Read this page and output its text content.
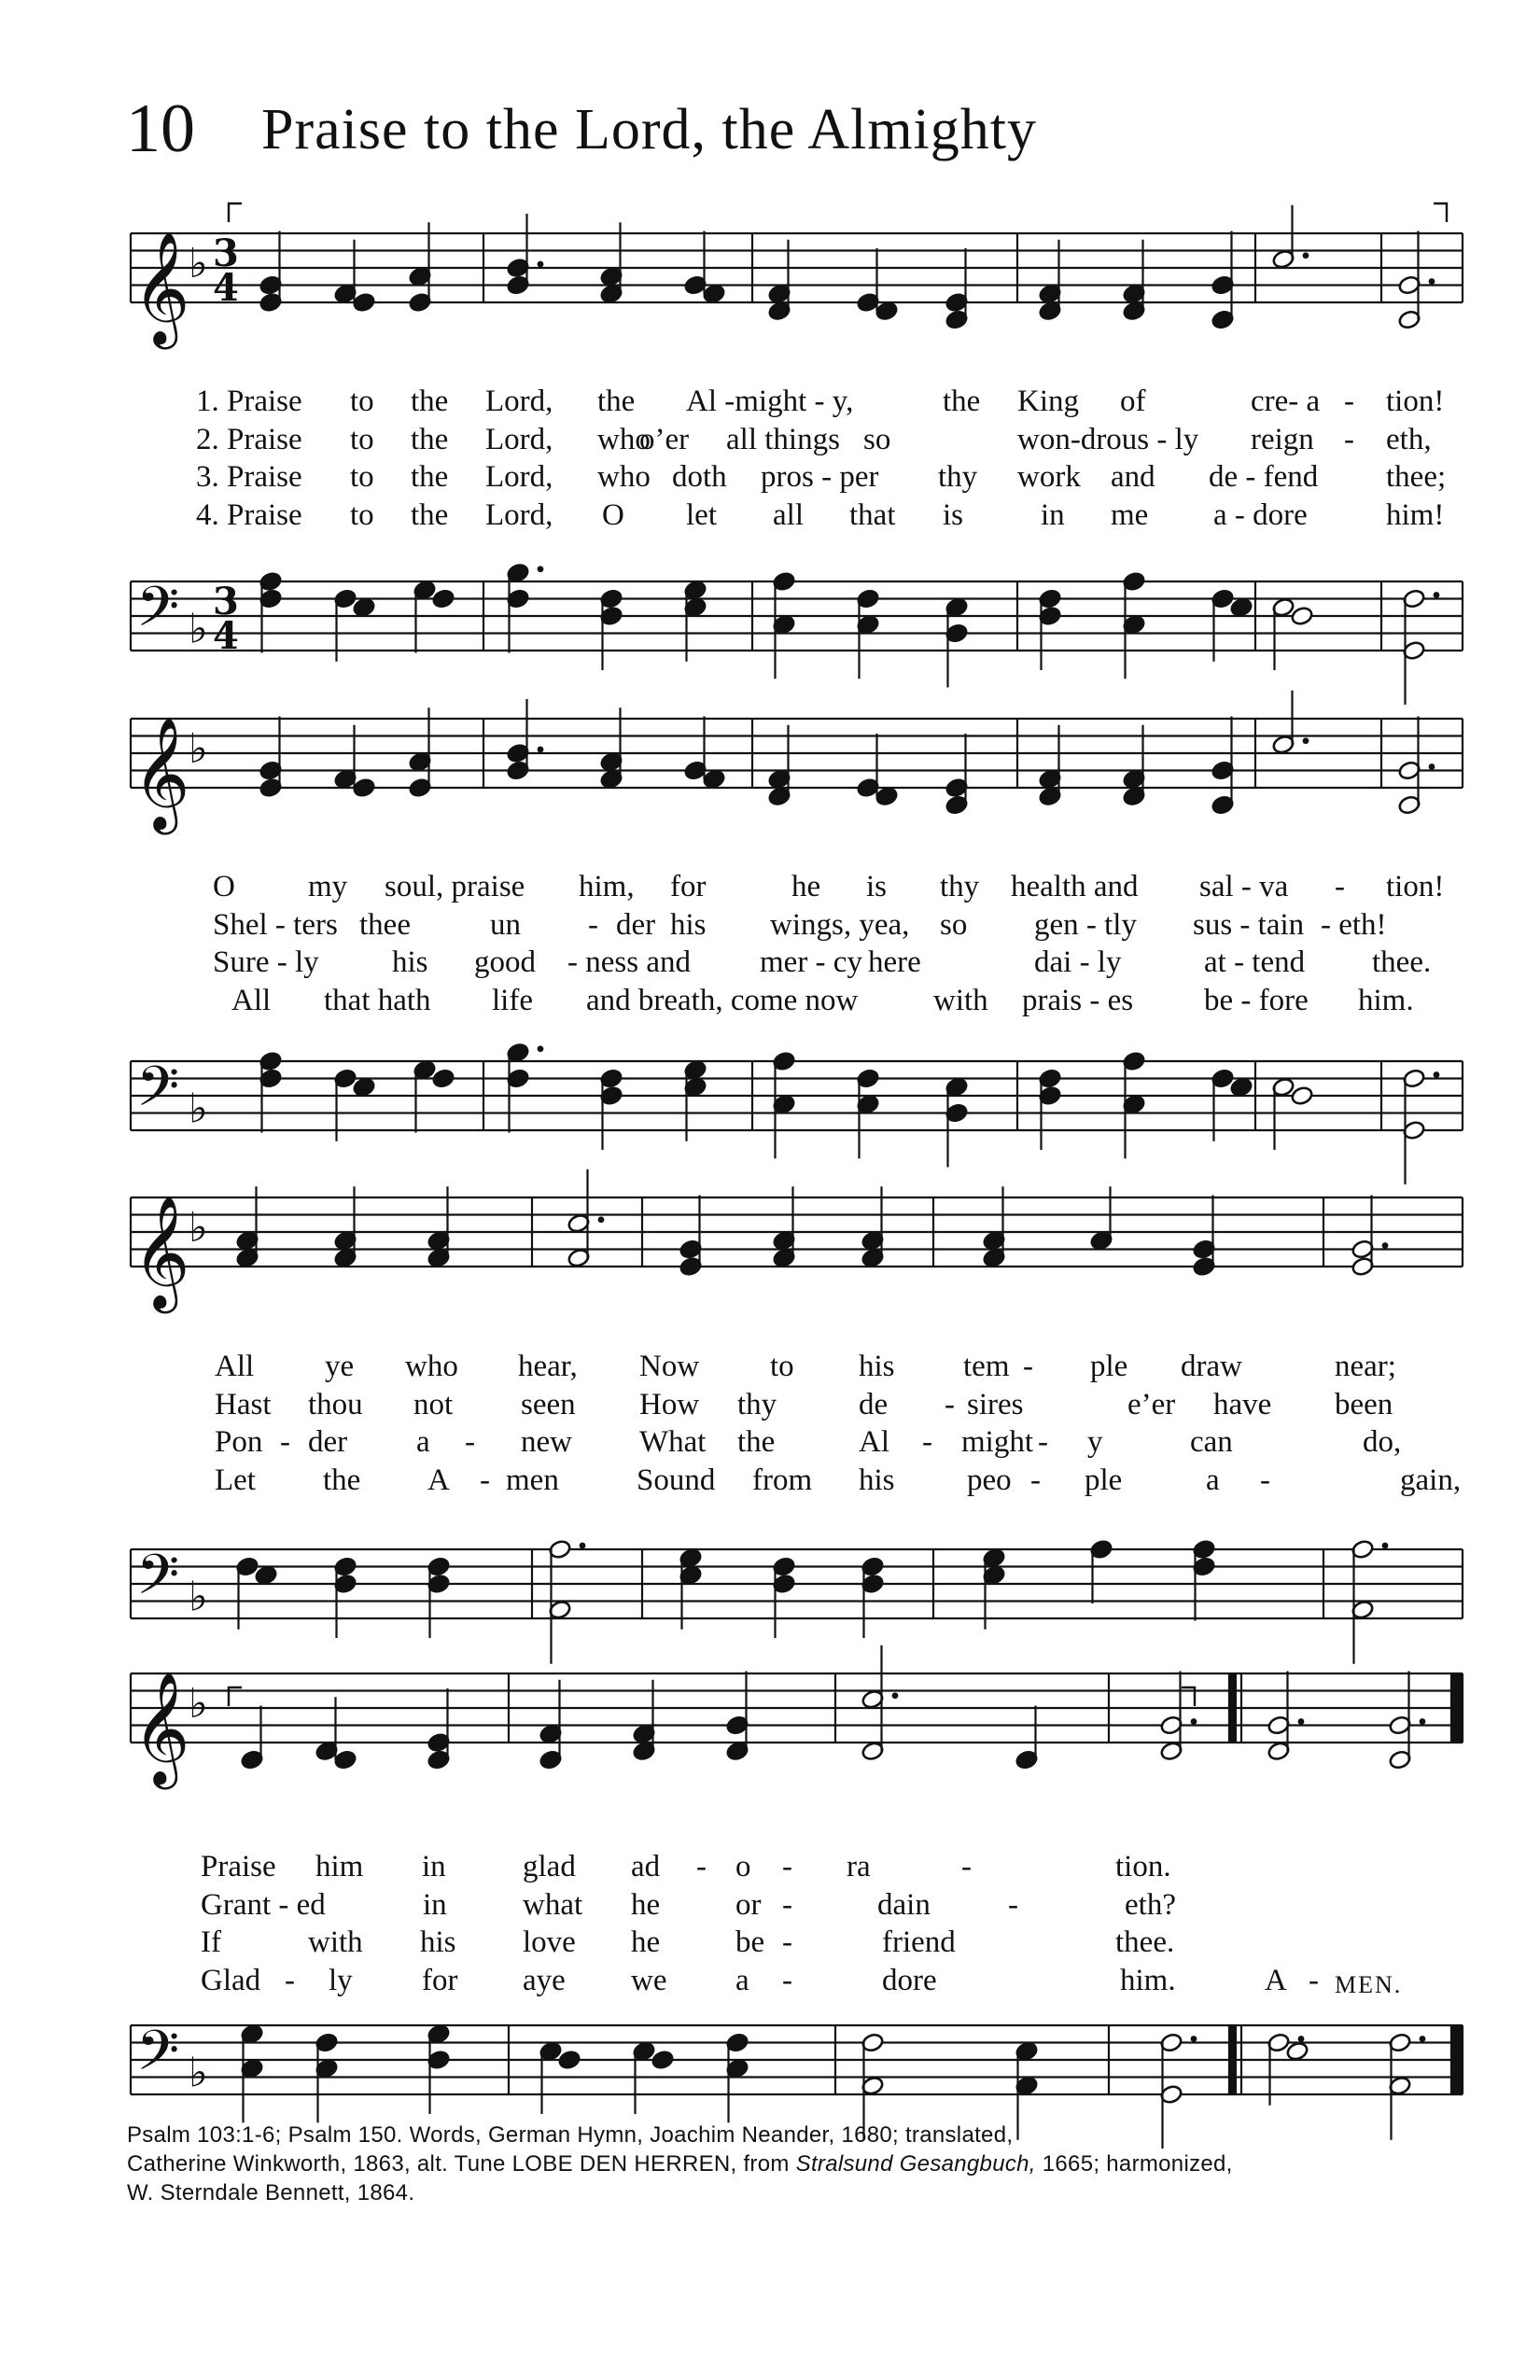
10 Praise to the Lord, the Almighty
𝄞
𝄢
♭
♭
3
4
3
4
𝄞
𝄢
♭
♭
𝄞
𝄢
♭
♭
𝄞
𝄢
♭
♭
1. Praise to the Lord, the Al -might - y,	the King of	cre- a - tion!
2. Praise to the Lord, who
o’er all things so	won-drous - ly reign - eth,
3. Praise to the Lord, who doth pros - per thy work and de - fend thee;
4. Praise to the Lord, O let all that is	in me a - dore	him!
O my soul, praise him, for	he is thy health and sal - va - tion!
Shel - ters thee	un - der his wings, yea, so gen - tly sus - tain - eth!
Sure - ly his good - ness and mer - cy here	dai - ly	at - tend thee.
All that hath life and breath, come now with prais - es be - fore him.
All ye who hear, Now to his tem - ple draw	near;
Hast thou not seen How thy	de - sires	e’er have been
Pon - der a - new What the	Al - might - y	can	do,
Let the A - men	Sound from his peo - ple	a -	gain,
Praise him in glad ad - o - ra	-	tion.
Grant - ed	in what he or -	dain	-	eth?
If	with his love he be -	friend	thee.
Glad - ly for aye we a -	dore	him.	A - MEN.
Psalm 103:1-6; Psalm 150. Words, German Hymn, Joachim Neander, 1680; translated,
Catherine Winkworth, 1863, alt. Tune LOBE DEN HERREN, from Stralsund Gesangbuch, 1665; harmonized,
W. Sterndale Bennett, 1864.
